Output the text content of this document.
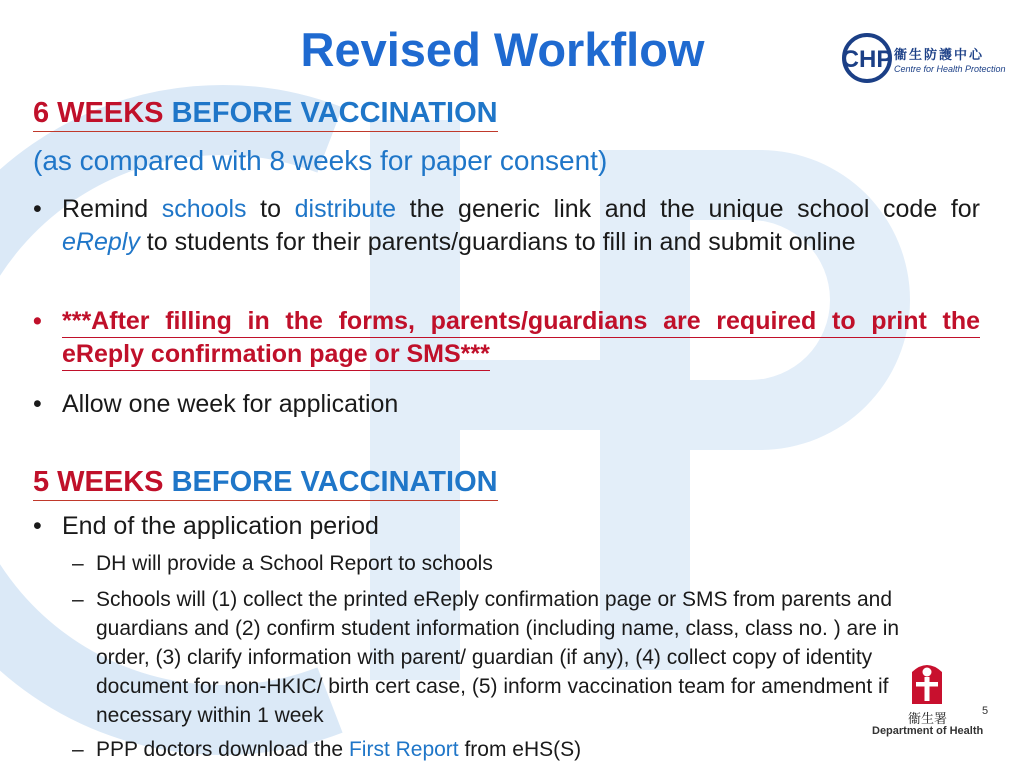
Revised Workflow	CHP 衞生防護中心
Centre for Health Protection
6 WEEKS BEFORE VACCINATION
(as compared with 8 weeks for paper consent)
• Remind schools to distribute the generic link and the unique school code for eReply to students for their parents/guardians to fill in and submit online
• ***After filling in the forms, parents/guardians are required to print the eReply confirmation page or SMS***
• Allow one week for application
5 WEEKS BEFORE VACCINATION
• End of the application period
– DH will provide a School Report to schools
– Schools will (1) collect the printed eReply confirmation page or SMS from parents and guardians and (2) confirm student information (including name, class, class no. ) are in order, (3) clarify information with parent/ guardian (if any), (4) collect copy of identity document for non-HKIC/ birth cert case, (5) inform vaccination team for amendment if necessary within 1 week
– PPP doctors download the First Report from eHS(S)
衞生署
Department of Health
5
